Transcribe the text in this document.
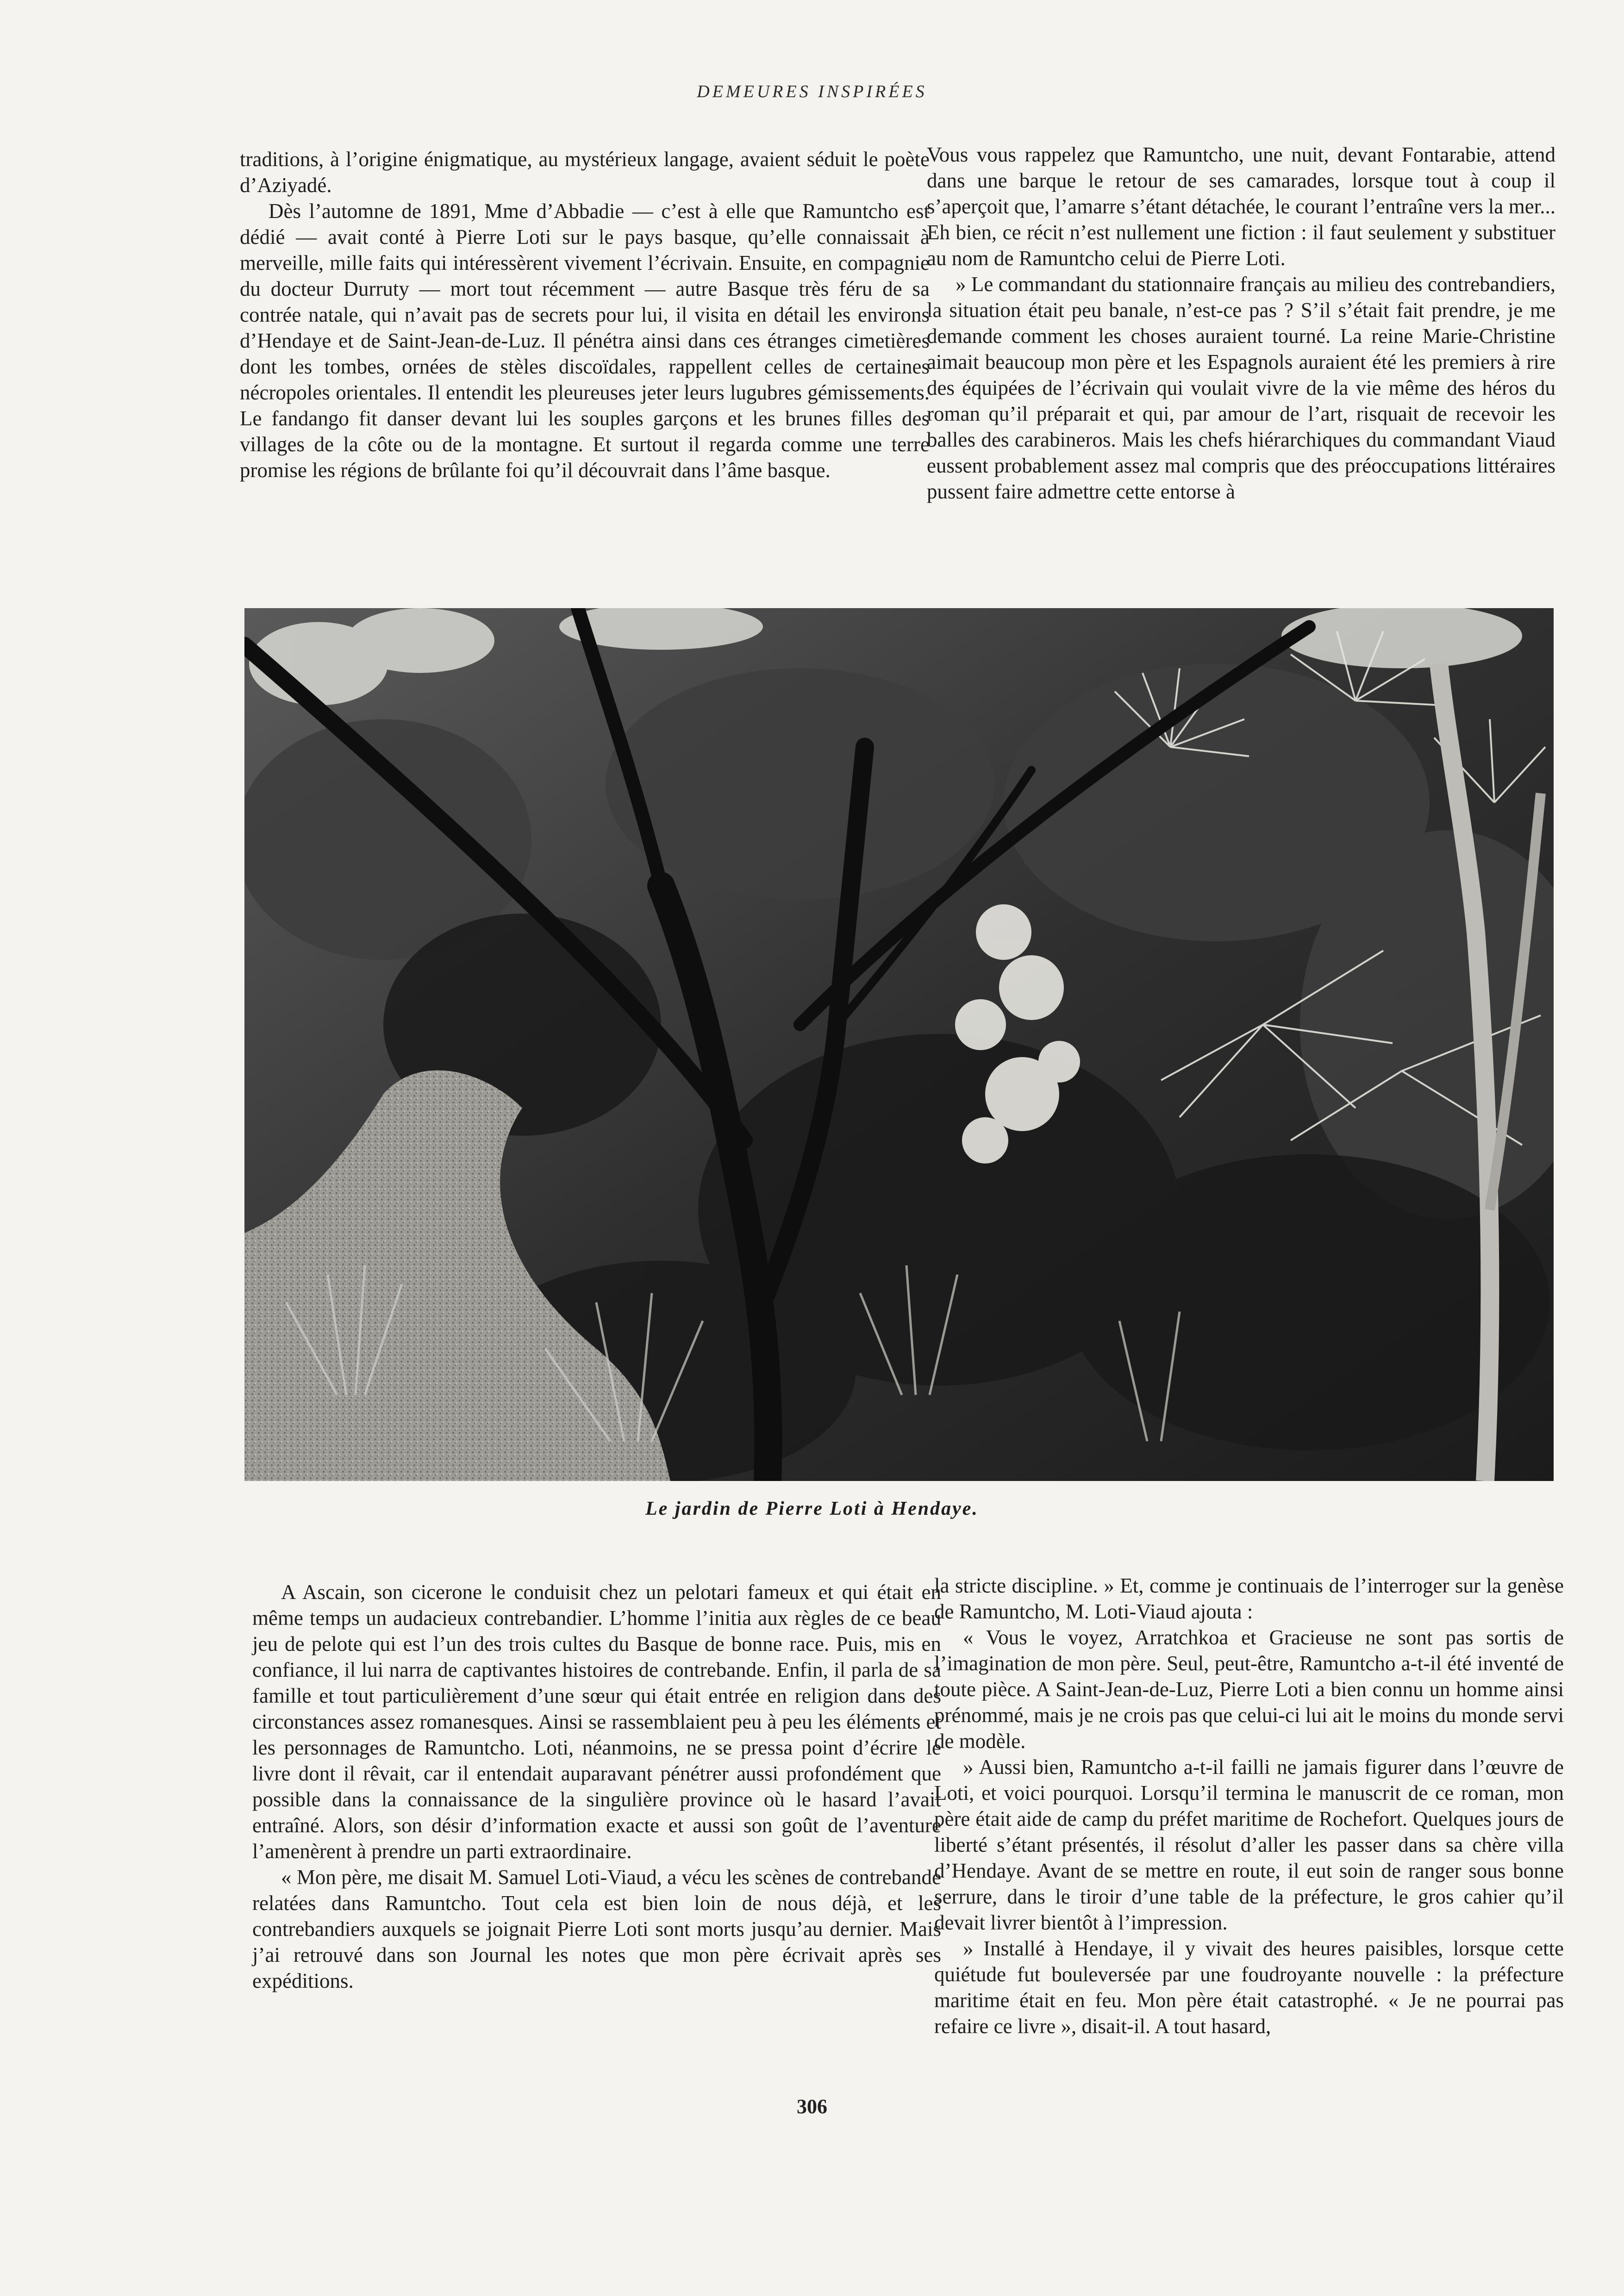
DEMEURES INSPIRÉES

traditions, à l’origine énigmatique, au mystérieux langage, avaient séduit le poète d’Aziyadé.

Dès l’automne de 1891, Mme d’Abbadie — c’est à elle que Ramuntcho est dédié — avait conté à Pierre Loti sur le pays basque, qu’elle connaissait à merveille, mille faits qui intéressèrent vivement l’écrivain. Ensuite, en compagnie du docteur Durruty — mort tout récemment — autre Basque très féru de sa contrée natale, qui n’avait pas de secrets pour lui, il visita en détail les environs d’Hendaye et de Saint-Jean-de-Luz. Il pénétra ainsi dans ces étranges cimetières dont les tombes, ornées de stèles discoïdales, rappellent celles de certaines nécropoles orientales. Il entendit les pleureuses jeter leurs lugubres gémissements. Le fandango fit danser devant lui les souples garçons et les brunes filles des villages de la côte ou de la montagne. Et surtout il regarda comme une terre promise les régions de brûlante foi qu’il découvrait dans l’âme basque.

Vous vous rappelez que Ramuntcho, une nuit, devant Fontarabie, attend dans une barque le retour de ses camarades, lorsque tout à coup il s’aperçoit que, l’amarre s’étant détachée, le courant l’entraîne vers la mer... Eh bien, ce récit n’est nullement une fiction : il faut seulement y substituer au nom de Ramuntcho celui de Pierre Loti.

» Le commandant du stationnaire français au milieu des contrebandiers, la situation était peu banale, n’est-ce pas ? S’il s’était fait prendre, je me demande comment les choses auraient tourné. La reine Marie-Christine aimait beaucoup mon père et les Espagnols auraient été les premiers à rire des équipées de l’écrivain qui voulait vivre de la vie même des héros du roman qu’il préparait et qui, par amour de l’art, risquait de recevoir les balles des carabineros. Mais les chefs hiérarchiques du commandant Viaud eussent probablement assez mal compris que des préoccupations littéraires pussent faire admettre cette entorse à

Le jardin de Pierre Loti à Hendaye.

A Ascain, son cicerone le conduisit chez un pelotari fameux et qui était en même temps un audacieux contrebandier. L’homme l’initia aux règles de ce beau jeu de pelote qui est l’un des trois cultes du Basque de bonne race. Puis, mis en confiance, il lui narra de captivantes histoires de contrebande. Enfin, il parla de sa famille et tout particulièrement d’une sœur qui était entrée en religion dans des circonstances assez romanesques. Ainsi se rassemblaient peu à peu les éléments et les personnages de Ramuntcho. Loti, néanmoins, ne se pressa point d’écrire le livre dont il rêvait, car il entendait auparavant pénétrer aussi profondément que possible dans la connaissance de la singulière province où le hasard l’avait entraîné. Alors, son désir d’information exacte et aussi son goût de l’aventure l’amenèrent à prendre un parti extraordinaire.

« Mon père, me disait M. Samuel Loti-Viaud, a vécu les scènes de contrebande relatées dans Ramuntcho. Tout cela est bien loin de nous déjà, et les contrebandiers auxquels se joignait Pierre Loti sont morts jusqu’au dernier. Mais j’ai retrouvé dans son Journal les notes que mon père écrivait après ses expéditions.

la stricte discipline. » Et, comme je continuais de l’interroger sur la genèse de Ramuntcho, M. Loti-Viaud ajouta :

« Vous le voyez, Arratchkoa et Gracieuse ne sont pas sortis de l’imagination de mon père. Seul, peut-être, Ramuntcho a-t-il été inventé de toute pièce. A Saint-Jean-de-Luz, Pierre Loti a bien connu un homme ainsi prénommé, mais je ne crois pas que celui-ci lui ait le moins du monde servi de modèle.

» Aussi bien, Ramuntcho a-t-il failli ne jamais figurer dans l’œuvre de Loti, et voici pourquoi. Lorsqu’il termina le manuscrit de ce roman, mon père était aide de camp du préfet maritime de Rochefort. Quelques jours de liberté s’étant présentés, il résolut d’aller les passer dans sa chère villa d’Hendaye. Avant de se mettre en route, il eut soin de ranger sous bonne serrure, dans le tiroir d’une table de la préfecture, le gros cahier qu’il devait livrer bientôt à l’impression.

» Installé à Hendaye, il y vivait des heures paisibles, lorsque cette quiétude fut bouleversée par une foudroyante nouvelle : la préfecture maritime était en feu. Mon père était catastrophé. « Je ne pourrai pas refaire ce livre », disait-il. A tout hasard,

306
